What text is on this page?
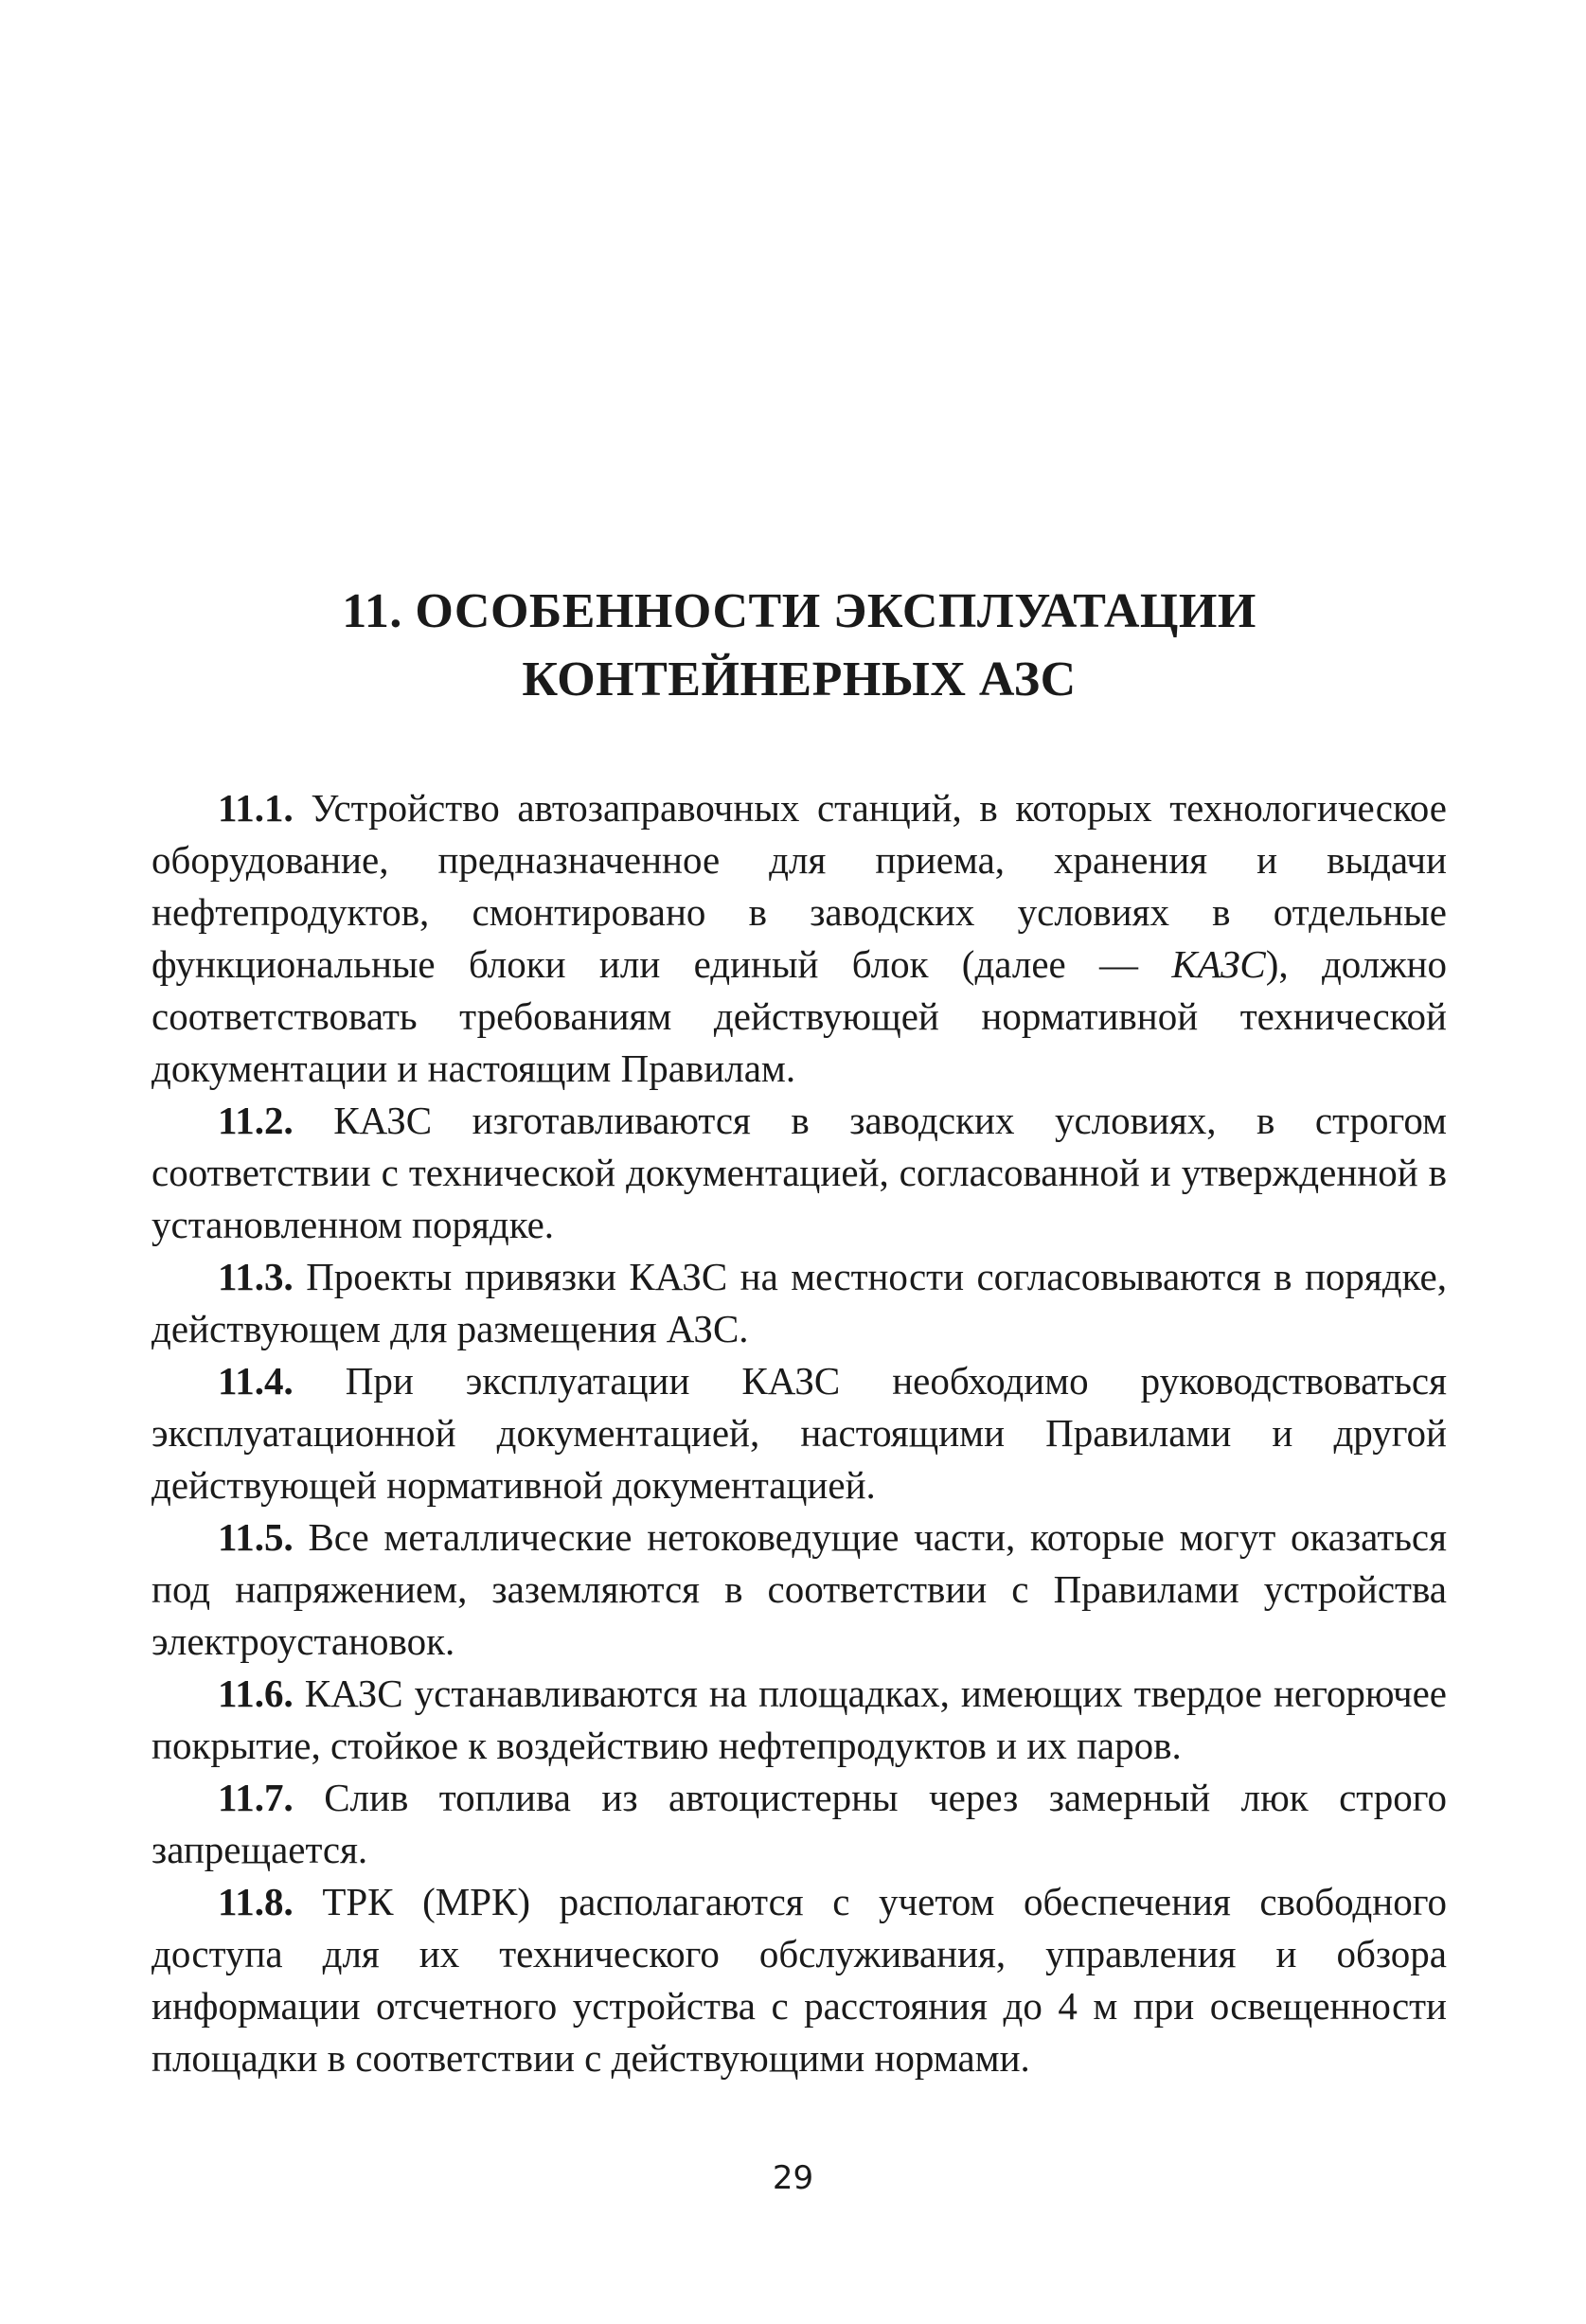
11. ОСОБЕННОСТИ ЭКСПЛУАТАЦИИ
КОНТЕЙНЕРНЫХ АЗС

11.1. Устройство автозаправочных станций, в которых технологическое оборудование, предназначенное для приема, хранения и выдачи нефтепродуктов, смонтировано в заводских условиях в отдельные функциональные блоки или единый блок (далее — КАЗС), должно соответствовать требованиям действующей нормативной технической документации и настоящим Правилам.

11.2. КАЗС изготавливаются в заводских условиях, в строгом соответствии с технической документацией, согласованной и утвержденной в установленном порядке.

11.3. Проекты привязки КАЗС на местности согласовываются в порядке, действующем для размещения АЗС.

11.4. При эксплуатации КАЗС необходимо руководствоваться эксплуатационной документацией, настоящими Правилами и другой действующей нормативной документацией.

11.5. Все металлические нетоковедущие части, которые могут оказаться под напряжением, заземляются в соответствии с Правилами устройства электроустановок.

11.6. КАЗС устанавливаются на площадках, имеющих твердое негорючее покрытие, стойкое к воздействию нефтепродуктов и их паров.

11.7. Слив топлива из автоцистерны через замерный люк строго запрещается.

11.8. ТРК (МРК) располагаются с учетом обеспечения свободного доступа для их технического обслуживания, управления и обзора информации отсчетного устройства с расстояния до 4 м при освещенности площадки в соответствии с действующими нормами.

29
